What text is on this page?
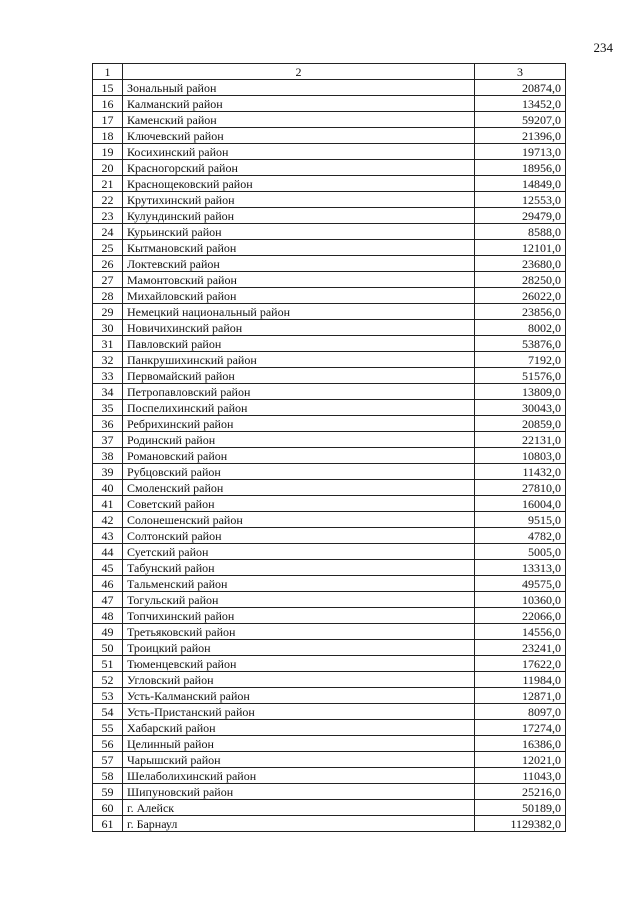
234
1	2	3
15	Зональный район	20874,0
16	Калманский район	13452,0
17	Каменский район	59207,0
18	Ключевский район	21396,0
19	Косихинский район	19713,0
20	Красногорский район	18956,0
21	Краснощековский район	14849,0
22	Крутихинский район	12553,0
23	Кулундинский район	29479,0
24	Курьинский район	8588,0
25	Кытмановский район	12101,0
26	Локтевский район	23680,0
27	Мамонтовский район	28250,0
28	Михайловский район	26022,0
29	Немецкий национальный район	23856,0
30	Новичихинский район	8002,0
31	Павловский район	53876,0
32	Панкрушихинский район	7192,0
33	Первомайский район	51576,0
34	Петропавловский район	13809,0
35	Поспелихинский район	30043,0
36	Ребрихинский район	20859,0
37	Родинский район	22131,0
38	Романовский район	10803,0
39	Рубцовский район	11432,0
40	Смоленский район	27810,0
41	Советский район	16004,0
42	Солонешенский район	9515,0
43	Солтонский район	4782,0
44	Суетский район	5005,0
45	Табунский район	13313,0
46	Тальменский район	49575,0
47	Тогульский район	10360,0
48	Топчихинский район	22066,0
49	Третьяковский район	14556,0
50	Троицкий район	23241,0
51	Тюменцевский район	17622,0
52	Угловский район	11984,0
53	Усть-Калманский район	12871,0
54	Усть-Пристанский район	8097,0
55	Хабарский район	17274,0
56	Целинный район	16386,0
57	Чарышский район	12021,0
58	Шелаболихинский район	11043,0
59	Шипуновский район	25216,0
60	г. Алейск	50189,0
61	г. Барнаул	1129382,0
